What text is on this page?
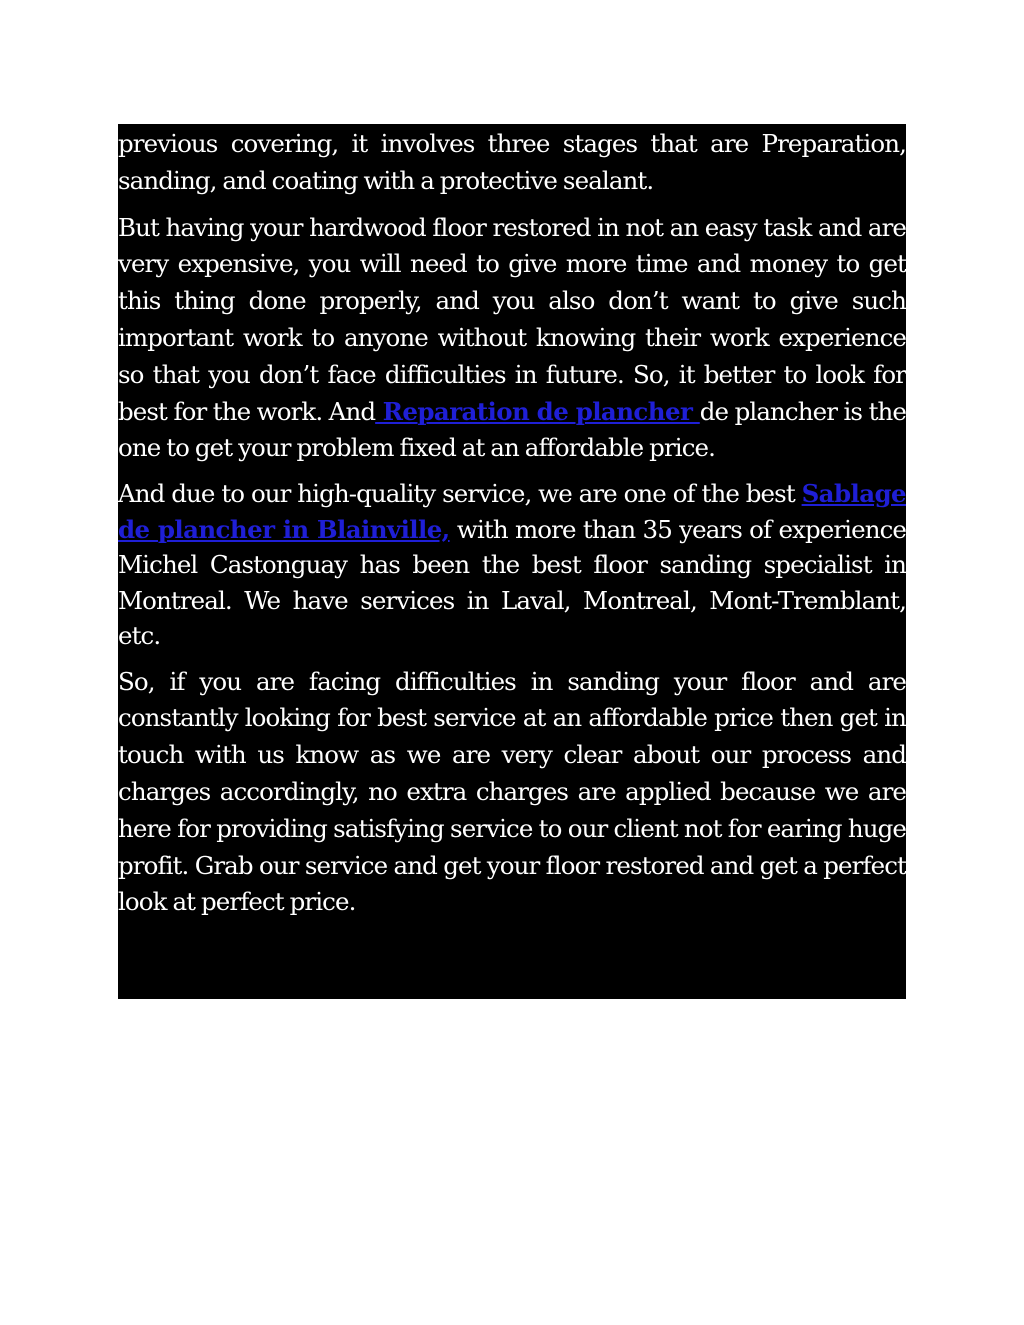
previous covering, it involves three stages that are Preparation, sanding, and coating with a protective sealant.

But having your hardwood floor restored in not an easy task and are very expensive, you will need to give more time and money to get this thing done properly, and you also don’t want to give such important work to anyone without knowing their work experience so that you don’t face difficulties in future. So, it better to look for best for the work. And Reparation de plancher de plancher is the one to get your problem fixed at an affordable price.

And due to our high-quality service, we are one of the best Sablage de plancher in Blainville, with more than 35 years of experience Michel Castonguay has been the best floor sanding specialist in Montreal. We have services in Laval, Montreal, Mont-Tremblant, etc.

So, if you are facing difficulties in sanding your floor and are constantly looking for best service at an affordable price then get in touch with us know as we are very clear about our process and charges accordingly, no extra charges are applied because we are here for providing satisfying service to our client not for earing huge profit. Grab our service and get your floor restored and get a perfect look at perfect price.
